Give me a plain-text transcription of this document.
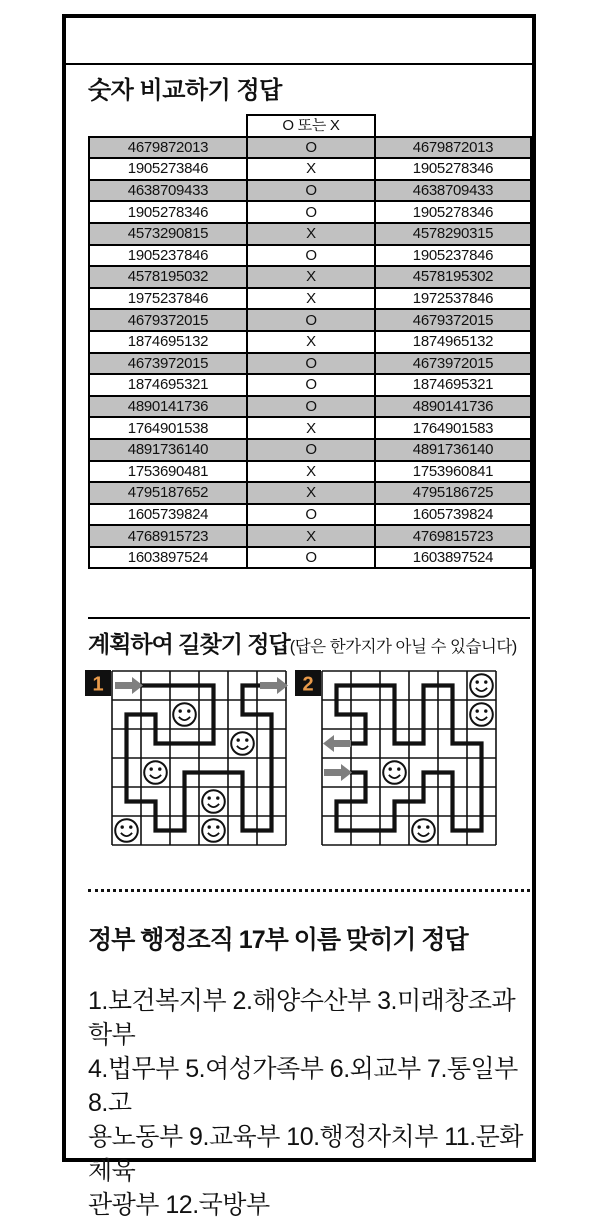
숫자 비교하기 정답
	O 또는 X	
4679872013	O	4679872013
1905273846	X	1905278346
4638709433	O	4638709433
1905278346	O	1905278346
4573290815	X	4578290315
1905237846	O	1905237846
4578195032	X	4578195302
1975237846	X	1972537846
4679372015	O	4679372015
1874695132	X	1874965132
4673972015	O	4673972015
1874695321	O	1874695321
4890141736	O	4890141736
1764901538	X	1764901583
4891736140	O	4891736140
1753690481	X	1753960841
4795187652	X	4795186725
1605739824	O	1605739824
4768915723	X	4769815723
1603897524	O	1603897524
계획하여 길찾기 정답(답은 한가지가 아닐 수 있습니다)
1	2
정부 행정조직 17부 이름 맞히기 정답
1.보건복지부 2.해양수산부 3.미래창조과학부
4.법무부 5.여성가족부 6.외교부 7.통일부 8.고
용노동부 9.교육부 10.행정자치부 11.문화체육
관광부 12.국방부
